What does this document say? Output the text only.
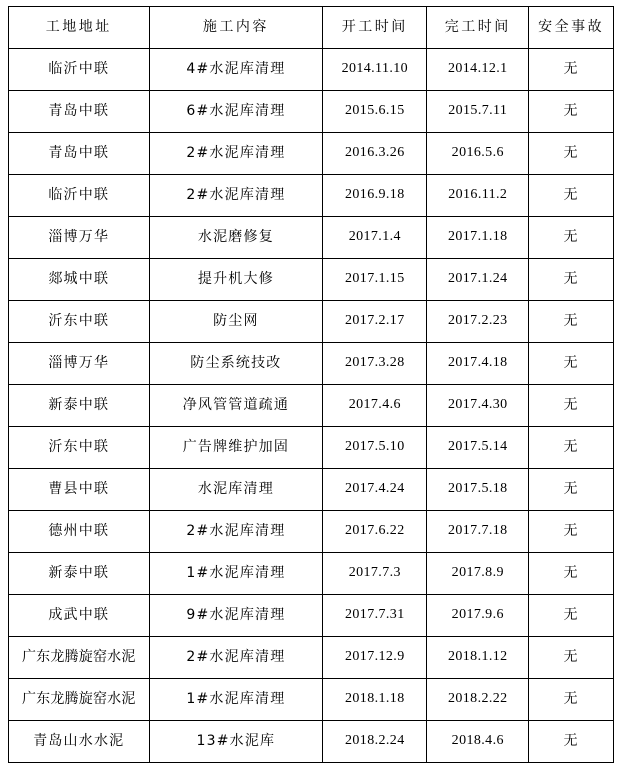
工地地址	施工内容	开工时间	完工时间	安全事故
临沂中联	4#水泥库清理	2014.11.10	2014.12.1	无
青岛中联	6#水泥库清理	2015.6.15	2015.7.11	无
青岛中联	2#水泥库清理	2016.3.26	2016.5.6	无
临沂中联	2#水泥库清理	2016.9.18	2016.11.2	无
淄博万华	水泥磨修复	2017.1.4	2017.1.18	无
郯城中联	提升机大修	2017.1.15	2017.1.24	无
沂东中联	防尘网	2017.2.17	2017.2.23	无
淄博万华	防尘系统技改	2017.3.28	2017.4.18	无
新泰中联	净风管管道疏通	2017.4.6	2017.4.30	无
沂东中联	广告牌维护加固	2017.5.10	2017.5.14	无
曹县中联	水泥库清理	2017.4.24	2017.5.18	无
德州中联	2#水泥库清理	2017.6.22	2017.7.18	无
新泰中联	1#水泥库清理	2017.7.3	2017.8.9	无
成武中联	9#水泥库清理	2017.7.31	2017.9.6	无
广东龙腾旋窑水泥	2#水泥库清理	2017.12.9	2018.1.12	无
广东龙腾旋窑水泥	1#水泥库清理	2018.1.18	2018.2.22	无
青岛山水水泥	13#水泥库	2018.2.24	2018.4.6	无
